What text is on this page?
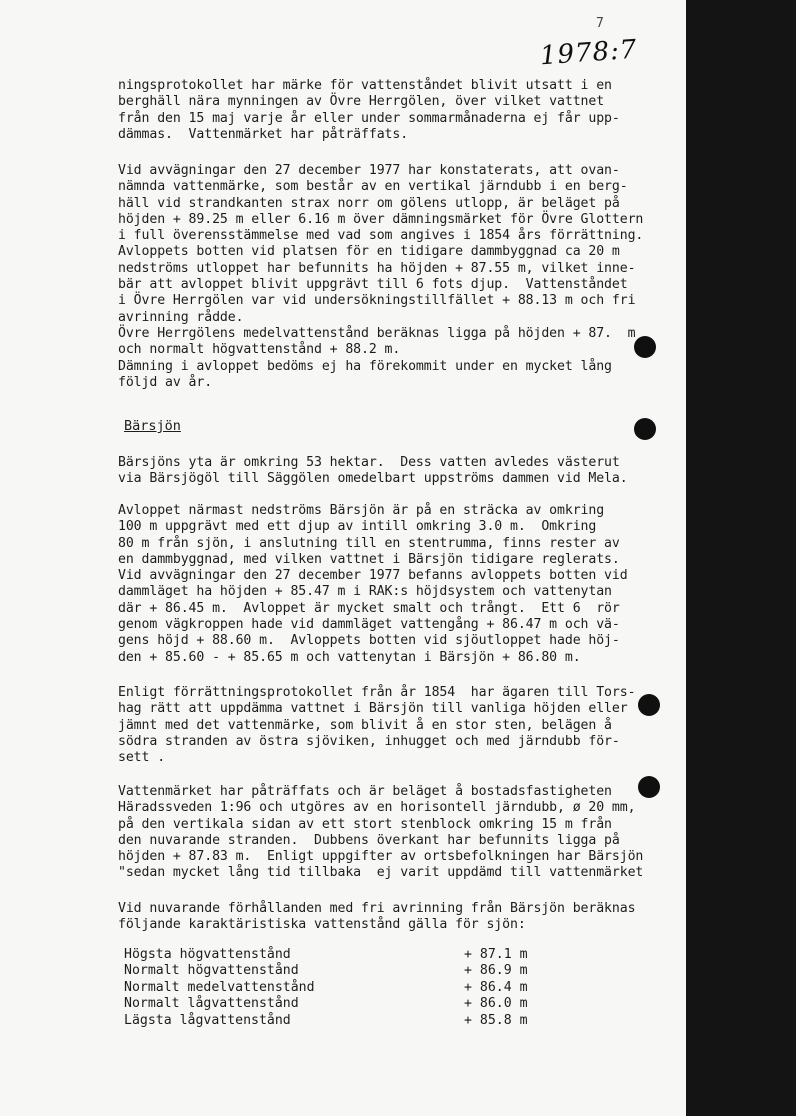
7
1978:7
ningsprotokollet har märke för vattenståndet blivit utsatt i en
berghäll nära mynningen av Övre Herrgölen, över vilket vattnet
från den 15 maj varje år eller under sommarmånaderna ej får upp-
dämmas.  Vattenmärket har påträffats.
Vid avvägningar den 27 december 1977 har konstaterats, att ovan-
nämnda vattenmärke, som består av en vertikal järndubb i en berg-
häll vid strandkanten strax norr om gölens utlopp, är beläget på
höjden + 89.25 m eller 6.16 m över dämningsmärket för Övre Glottern
i full överensstämmelse med vad som angives i 1854 års förrättning.
Avloppets botten vid platsen för en tidigare dammbyggnad ca 20 m
nedströms utloppet har befunnits ha höjden + 87.55 m, vilket inne-
bär att avloppet blivit uppgrävt till 6 fots djup.  Vattenståndet
i Övre Herrgölen var vid undersökningstillfället + 88.13 m och fri
avrinning rådde.
Övre Herrgölens medelvattenstånd beräknas ligga på höjden + 87.  m
och normalt högvattenstånd + 88.2 m.
Dämning i avloppet bedöms ej ha förekommit under en mycket lång
följd av år.
Bärsjön
Bärsjöns yta är omkring 53 hektar.  Dess vatten avledes västerut
via Bärsjögöl till Säggölen omedelbart uppströms dammen vid Mela.
Avloppet närmast nedströms Bärsjön är på en sträcka av omkring
100 m uppgrävt med ett djup av intill omkring 3.0 m.  Omkring
80 m från sjön, i anslutning till en stentrumma, finns rester av
en dammbyggnad, med vilken vattnet i Bärsjön tidigare reglerats.
Vid avvägningar den 27 december 1977 befanns avloppets botten vid
dammläget ha höjden + 85.47 m i RAK:s höjdsystem och vattenytan
där + 86.45 m.  Avloppet är mycket smalt och trångt.  Ett 6  rör
genom vägkroppen hade vid dammläget vattengång + 86.47 m och vä-
gens höjd + 88.60 m.  Avloppets botten vid sjöutloppet hade höj-
den + 85.60 - + 85.65 m och vattenytan i Bärsjön + 86.80 m.
Enligt förrättningsprotokollet från år 1854  har ägaren till Tors-
hag rätt att uppdämma vattnet i Bärsjön till vanliga höjden eller
jämnt med det vattenmärke, som blivit å en stor sten, belägen å
södra stranden av östra sjöviken, inhugget och med järndubb för-
sett .
Vattenmärket har påträffats och är beläget å bostadsfastigheten
Häradssveden 1:96 och utgöres av en horisontell järndubb, ø 20 mm,
på den vertikala sidan av ett stort stenblock omkring 15 m från
den nuvarande stranden.  Dubbens överkant har befunnits ligga på
höjden + 87.83 m.  Enligt uppgifter av ortsbefolkningen har Bärsjön
"sedan mycket lång tid tillbaka  ej varit uppdämd till vattenmärket
Vid nuvarande förhållanden med fri avrinning från Bärsjön beräknas
följande karaktäristiska vattenstånd gälla för sjön:
Högsta högvattenstånd	+ 87.1 m
Normalt högvattenstånd	+ 86.9 m
Normalt medelvattenstånd	+ 86.4 m
Normalt lågvattenstånd	+ 86.0 m
Lägsta lågvattenstånd	+ 85.8 m
